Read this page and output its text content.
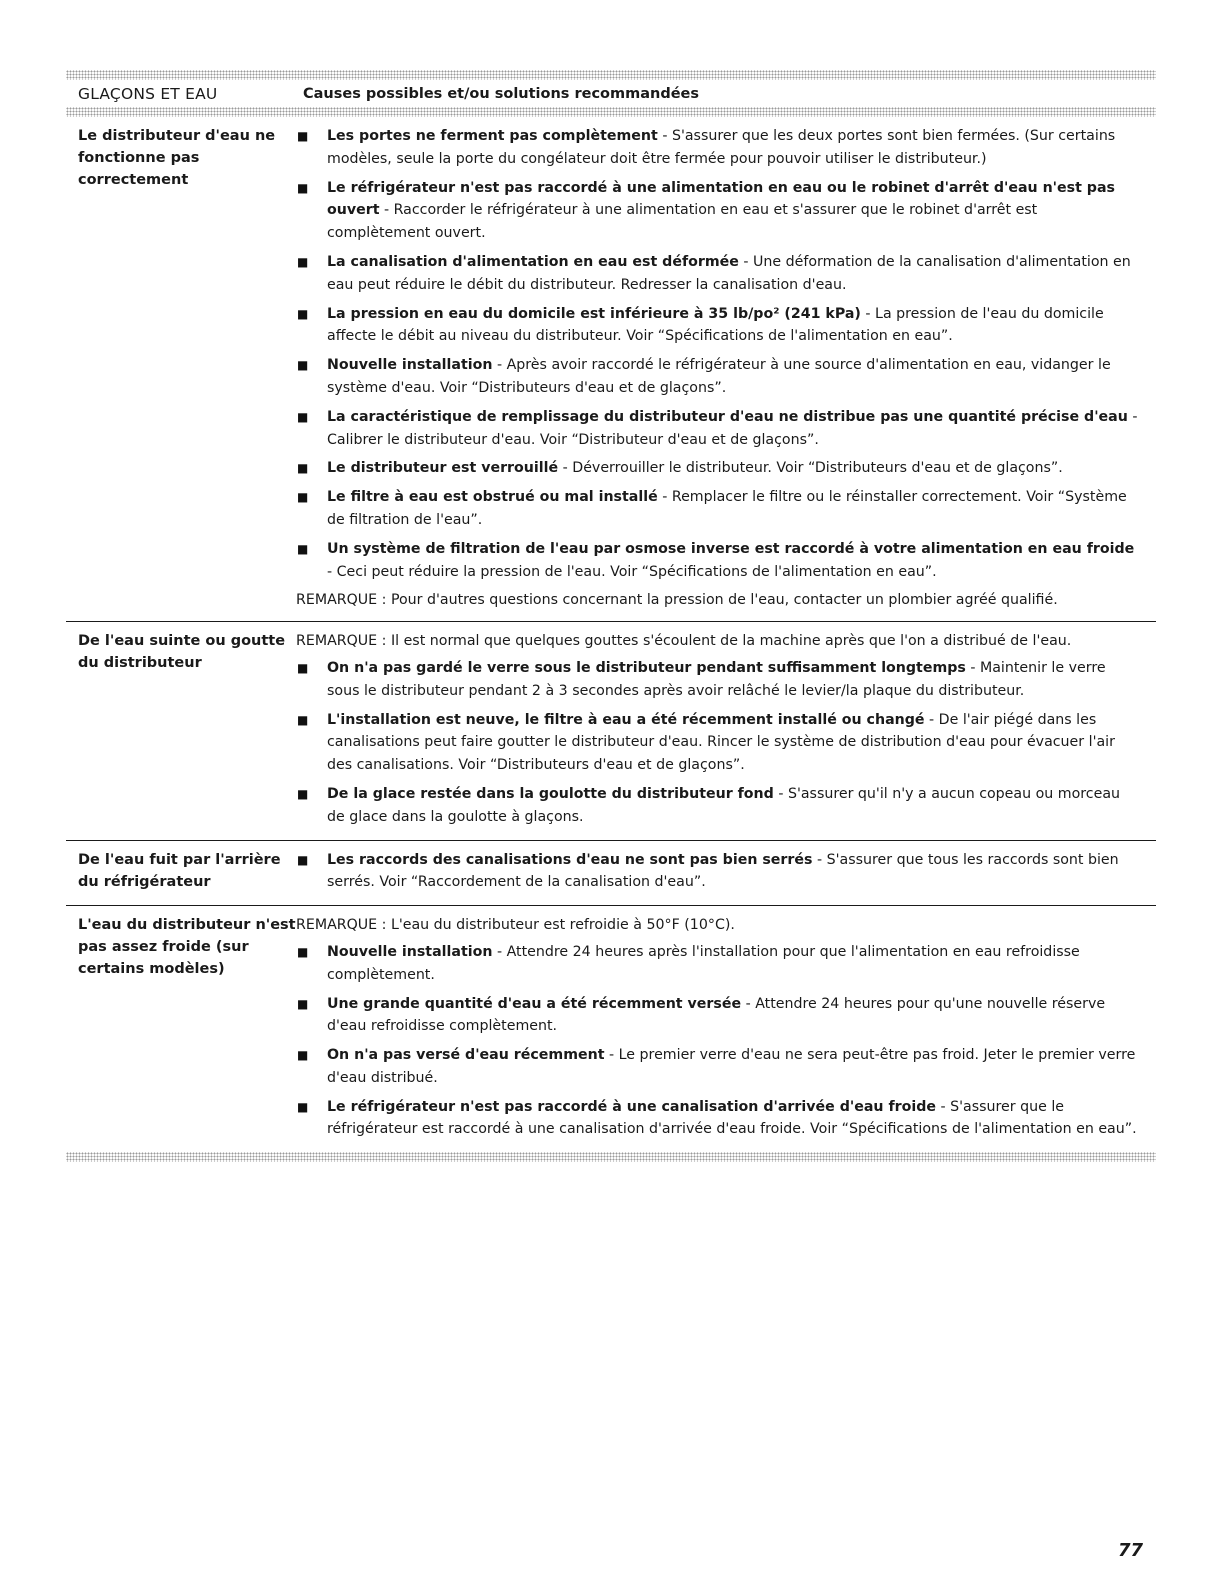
GLAÇONS ET EAU	Causes possibles et/ou solutions recommandées
Le distributeur d'eau ne fonctionne pas correctement
■	Les portes ne ferment pas complètement - S'assurer que les deux portes sont bien fermées. (Sur certains modèles, seule la porte du congélateur doit être fermée pour pouvoir utiliser le distributeur.)
■	Le réfrigérateur n'est pas raccordé à une alimentation en eau ou le robinet d'arrêt d'eau n'est pas ouvert - Raccorder le réfrigérateur à une alimentation en eau et s'assurer que le robinet d'arrêt est complètement ouvert.
■	La canalisation d'alimentation en eau est déformée - Une déformation de la canalisation d'alimentation en eau peut réduire le débit du distributeur. Redresser la canalisation d'eau.
■	La pression en eau du domicile est inférieure à 35 lb/po² (241 kPa) - La pression de l'eau du domicile affecte le débit au niveau du distributeur. Voir “Spécifications de l'alimentation en eau”.
■	Nouvelle installation - Après avoir raccordé le réfrigérateur à une source d'alimentation en eau, vidanger le système d'eau. Voir “Distributeurs d'eau et de glaçons”.
■	La caractéristique de remplissage du distributeur d'eau ne distribue pas une quantité précise d'eau - Calibrer le distributeur d'eau. Voir “Distributeur d'eau et de glaçons”.
■	Le distributeur est verrouillé - Déverrouiller le distributeur. Voir “Distributeurs d'eau et de glaçons”.
■	Le filtre à eau est obstrué ou mal installé - Remplacer le filtre ou le réinstaller correctement. Voir “Système de filtration de l'eau”.
■	Un système de filtration de l'eau par osmose inverse est raccordé à votre alimentation en eau froide - Ceci peut réduire la pression de l'eau. Voir “Spécifications de l'alimentation en eau”.
REMARQUE : Pour d'autres questions concernant la pression de l'eau, contacter un plombier agréé qualifié.
De l'eau suinte ou goutte du distributeur
REMARQUE : Il est normal que quelques gouttes s'écoulent de la machine après que l'on a distribué de l'eau.
■	On n'a pas gardé le verre sous le distributeur pendant suffisamment longtemps - Maintenir le verre sous le distributeur pendant 2 à 3 secondes après avoir relâché le levier/la plaque du distributeur.
■	L'installation est neuve, le filtre à eau a été récemment installé ou changé - De l'air piégé dans les canalisations peut faire goutter le distributeur d'eau. Rincer le système de distribution d'eau pour évacuer l'air des canalisations. Voir “Distributeurs d'eau et de glaçons”.
■	De la glace restée dans la goulotte du distributeur fond - S'assurer qu'il n'y a aucun copeau ou morceau de glace dans la goulotte à glaçons.
De l'eau fuit par l'arrière du réfrigérateur
■	Les raccords des canalisations d'eau ne sont pas bien serrés - S'assurer que tous les raccords sont bien serrés. Voir “Raccordement de la canalisation d'eau”.
L'eau du distributeur n'est pas assez froide (sur certains modèles)
REMARQUE : L'eau du distributeur est refroidie à 50°F (10°C).
■	Nouvelle installation - Attendre 24 heures après l'installation pour que l'alimentation en eau refroidisse complètement.
■	Une grande quantité d'eau a été récemment versée - Attendre 24 heures pour qu'une nouvelle réserve d'eau refroidisse complètement.
■	On n'a pas versé d'eau récemment - Le premier verre d'eau ne sera peut-être pas froid. Jeter le premier verre d'eau distribué.
■	Le réfrigérateur n'est pas raccordé à une canalisation d'arrivée d'eau froide - S'assurer que le réfrigérateur est raccordé à une canalisation d'arrivée d'eau froide. Voir “Spécifications de l'alimentation en eau”.
77
